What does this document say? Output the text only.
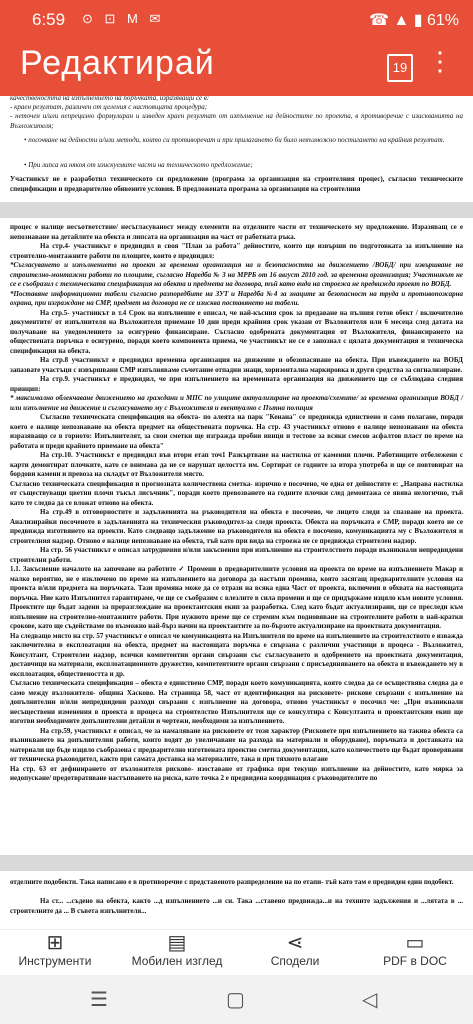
6:59 ⊙ ⊡ M ✉	☎ ▲ ▮ 61%
Редактирай	19 ⋮
качествеността на изпълнението на поръчката, изразяващи се в:
- краен резултат, различен от целения с настоящата процедура;
- неточен и/или непрецизно формулиран и изведен краен резултат от изпълнение на дейностите по проекта, в противоречие с изискванията на Възложителя;
• посочване на дейности и/или методи, които си противоречат и при прилагането би било невъзможно постигането на крайния резултат.
• При липса на някоя от изискуемите части на техническото предложение;
Участникът не е разработил техническото си предложение (програма за организация на строителния процес), съгласно техническите спецификации и предварително обявените условия. В предложената програма за организация на строителния
процес е налице несъответствие/ несъгласуваност между елементи на отделните части от техническото му предложение. Изразяващ се е непознаване на детайлите на обекта и липсата на организация на част от работната ръка.
На стр.4- участникът е предвидил в своя "План за работа" дейностите, които ще извърши по подготовката за изпълнение на строително-монтажните работи по площите, които е предвидил:
*Съгласуването и изпълнението на проект за временна организация на и безопасността на движението /ВОБД/ при извършване на строително-монтажни работи по площите, съгласно Наредба № 3 на МРРБ от 16 август 2010 год. за временна организация; Участникът не се е съобразил с техническата спецификация на обекта и предмета на договора, тъй като вида на строежа не предвижда проект по ВОБД.
*Поставяне информационни табели съгласно разпоредбите на ЗУТ и Наредба №4 за знаците за безопасност на труда и противопожарна охрана, при изграждане на СМР, предмет на договора не се изисква поставянето на табели.
На стр.5- участникът в т.4 Срок на изпълнение е описал, че най-късния срок за предаване на пълния готов обект / включително документите/ от изпълнителя на Възложителя приемане 10 дни преди крайния срок указан от Възложителя или 6 месеца след датата на получаване на уведомлението за осигурено финансиране. Съгласно одобрената документация от Възложителя, финансирането на обществената поръчка е осигурено, поради което компонента приема, че участникът не се е запознал с цялата документация и техническа спецификация на обекта.
На стр.8 участникът е предвидил временна организация на движение и обезопасяване на обекта. При въвеждането на ВОБД запазвате участъци с извършвани СМР изпълняваме съчетание отпадни знаци, хоризонтална маркировка и други средства за сигнализиране.
На стр.9. участникът е предвидил, че при изпълнението на временната организация на движението ще се съблюдава следния принцип:
* максимално облекчаване движението на граждани и МПС по улиците актуализиране на проекта/схемите/ за временна организация ВОБД / или изпълнение на движение и съгласуването му с Възложителя и евентуално с Пътна полиция
Съгласно техническата спецификация на обекта- по алеята на парк "Кенана" се предвижда единствено и само полагане, поради което е налице непознаване на обекта предмет на обществената поръчка. На стр. 43 участникът отново е налице непознаване на обекта изразяващо се в горното: Изпълнителят, за свои сметки ще изгражда пробни ивици и тестове за всяки смесов асфалтов пласт по време на работата и преди крайното приемане на обекта"
На стр.10. Участникът е предвидил във втори етап точ1 Разкъртване на настилка от каменни плочи. Работниците отбележени с карти демонтират плочките, като се внимава да не се нарушат целостта им. Сортират се годните за втора употреба и ще се повтовират на бордови камени и превоза на складът от Възложителя място.
Съгласно техническата спецификация и прогнозната количествена сметка- изрично е посочено, че една от дейностите е: „Направа настилка от съществуващи цветни плочи тъкъл лисъчник", поради което превозването на годните плочки след демонтажа се явява нелогично, тъй като те следва да се вложат отново на обекта.
На стр.49 в отговорностите и задълженията на ръководителя на обекта е посочено, че лицето следи за спазване на проекта. Анализирайки посоченото в задълженията на техническия ръководител-за следи проекта. Обекта на поръчката е СМР, поради което не се предвижда изготвянето на проекти. Като следващо задължение на ръководителя на обекта е посочено, комуникацията му с Възложителя и строителния надзор. Отново е налице непознаване на обекта, тъй като при вида на строежа не се предвижда строителен надзор.
На стр. 56 участникът е описал затруднения и/или закъснения при изпълнение на строителството поради възникнали непредвидени строителни работи.
1.1. Закъснение началото на започване на работите ✓ Промени в предварителните условия на проекта по време на изпълнението Макар и малко вероятно, не е изключено по време на изпълнението на договора да настъпи промяна, която засягащ предварителните условия на проекта и/или предмета на поръчката. Тази промяна може да се отрази на всяка една Част от проекта, включени в обхвата на настоящата поръчка. Ние като Изпълнител гарантираме, че ще се съобразим с влезлите в сила промени и ще се придържаме изцяло към новите условия. Проектите ще бъдат задени за преразглеждане на проектантския екип за разработка. След като бъдат актуализирани, ще се преследи към изпълнение на строително-монтажните работи. При нужното време ще се стремим към подновяване на строителните работи в най-кратки срокове, като ще съдействаме по възможно най-бърз начин на проектантите за по-бързото актуализиране на проектната документация.
На следващо място на стр. 57 участникът е описал че комуникацията на Изпълнителя по време на изпълнението на строителството е изважда заключителна в експлоатация на обекта, предмет на настоящата поръчка е свързана с различни участници в процеса - Възложител, Консултант, Строителен надзор, всички компетентни органи свързани със съгласуването и одобрението на проектната документация, доставчици на материали, експлоатационното дружество, компетентните органи свързани с присъединяването на обекта и въвеждането му в експлоатация, обществеността и др.
Съгласно техническата спецификация – обекта е единствено СМР, поради което комуникацията, която следва да се осъществява следва да е само между възложителя- община Хасково. На страница 58, част от идентификация на рисковете- рискове свързани с изпълнение на допълнителни и/или непредвидени разходи свързани с изпълнение на договора, отново участникът е посочил че: „При възникнали несъществени изменения в проекта в процеса на строителство Изпълнителя ще се консултира с Консултанта и проектантския екип ще изготви необходимите допълнителни детайли и чертежи, необходими за изпълнението.
На стр.59, участникът е описал, че за намаляване на рисковете от този характер (Рисковете при изпълнението на такива обекта са възникването на допълнителни работи, които водят до увеличаване на разхода на материали и оборудване), поръчката и доставката на материали ще бъде изцяло съобразена с предварително изготвената проектно сметна документация, като количеството ще бъдат проверявани от техническа ръководител, както при самата доставка на материалите, така и при тяхното влагане
На стр. 63 от дефинирането от възложителя рискове- изоставане от графика при текущо изпълнение на дейностите, като мярка за недопускане/ предотвратяване настъпването на риска, като точка 2 е предвидена координация с ръководителите по
отделните подобекти. Така написано е в противоречие с представеното разпределение на по етапи- тъй като там е предвиден един подобект.
На ст... ...съдено на обекта, както ...д изпълнението ...и си. Така ...ставено предвижда...и на техните задължения и ...лятата в ... строителните да ... В съвета изпълнителя...
⊞
Инструменти
▤
Мобилен изглед
⋖
Сподели
▭
PDF в DOC
☰	▢	◁
